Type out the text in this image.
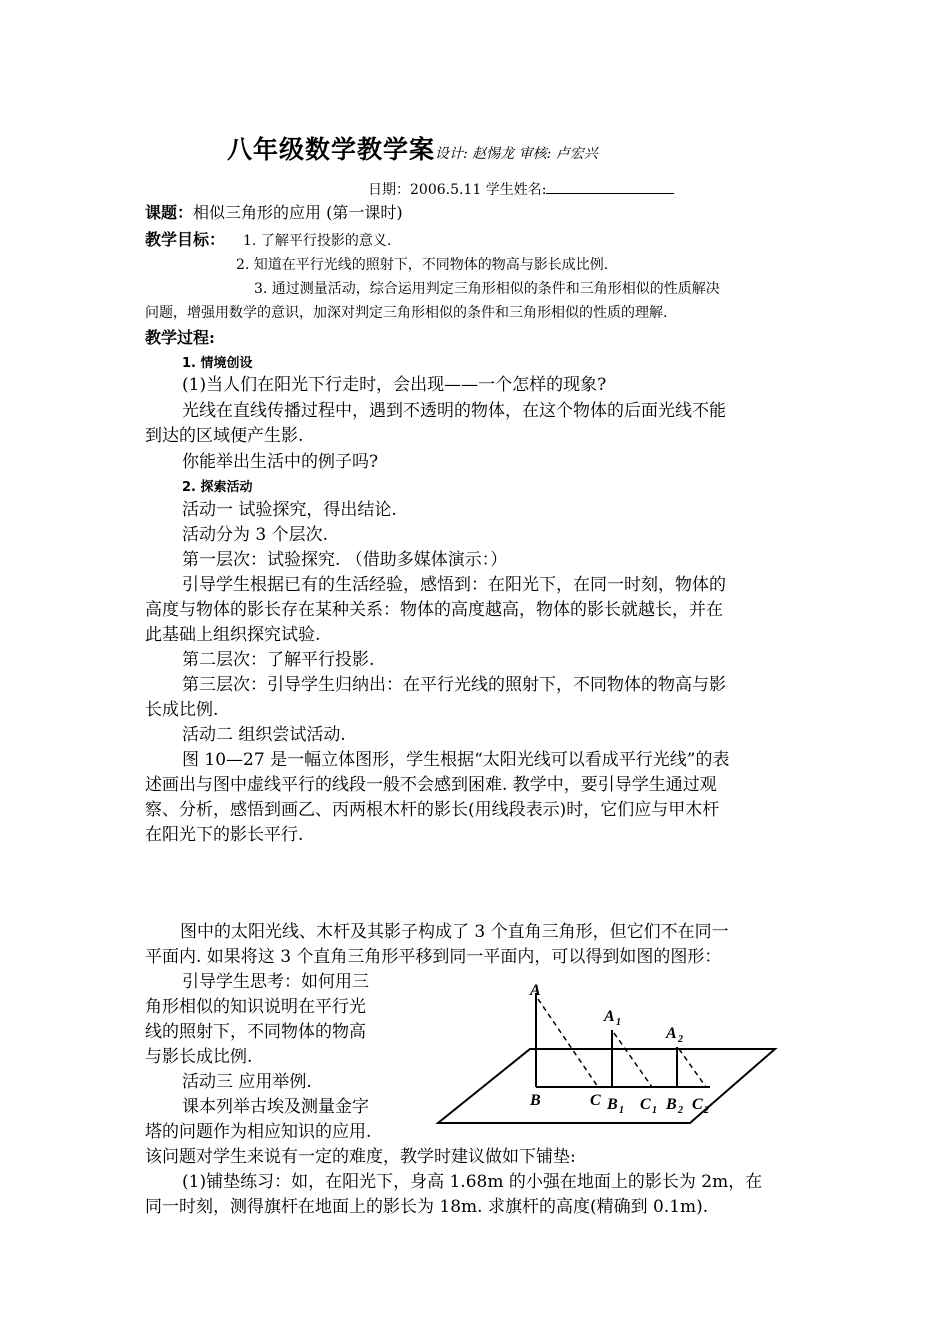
八年级数学教学案设计: 赵惕龙 审核: 卢宏兴
日期：2006.5.11 学生姓名:
课题：相似三角形的应用 (第一课时)
教学目标： 1. 了解平行投影的意义.
2. 知道在平行光线的照射下，不同物体的物高与影长成比例.
3. 通过测量活动，综合运用判定三角形相似的条件和三角形相似的性质解决
问题，增强用数学的意识，加深对判定三角形相似的条件和三角形相似的性质的理解.
教学过程:
1. 情境创设
(1)当人们在阳光下行走时，会出现——一个怎样的现象?
光线在直线传播过程中，遇到不透明的物体，在这个物体的后面光线不能
到达的区域便产生影.
你能举出生活中的例子吗?
2. 探索活动
活动一 试验探究，得出结论.
活动分为 3 个层次.
第一层次：试验探究. （借助多媒体演示：）
引导学生根据已有的生活经验，感悟到：在阳光下，在同一时刻，物体的
高度与物体的影长存在某种关系：物体的高度越高，物体的影长就越长，并在
此基础上组织探究试验.
第二层次：了解平行投影.
第三层次：引导学生归纳出：在平行光线的照射下，不同物体的物高与影
长成比例.
活动二 组织尝试活动.
图 10—27 是一幅立体图形，学生根据“太阳光线可以看成平行光线”的表
述画出与图中虚线平行的线段一般不会感到困难. 教学中，要引导学生通过观
察、分析，感悟到画乙、丙两根木杆的影长(用线段表示)时，它们应与甲木杆
在阳光下的影长平行.
图中的太阳光线、木杆及其影子构成了 3 个直角三角形，但它们不在同一
平面内. 如果将这 3 个直角三角形平移到同一平面内，可以得到如图的图形：
引导学生思考：如何用三
角形相似的知识说明在平行光
线的照射下，不同物体的物高
与影长成比例.
活动三 应用举例.
课本列举古埃及测量金字
塔的问题作为相应知识的应用.
该问题对学生来说有一定的难度，教学时建议做如下铺垫:
(1)铺垫练习：如，在阳光下，身高 1.68m 的小强在地面上的影长为 2m，在
同一时刻，测得旗杆在地面上的影长为 18m. 求旗杆的高度(精确到 0.1m).
A
A 1
A 2
B	C B 1 C 1 B 2 C 2
